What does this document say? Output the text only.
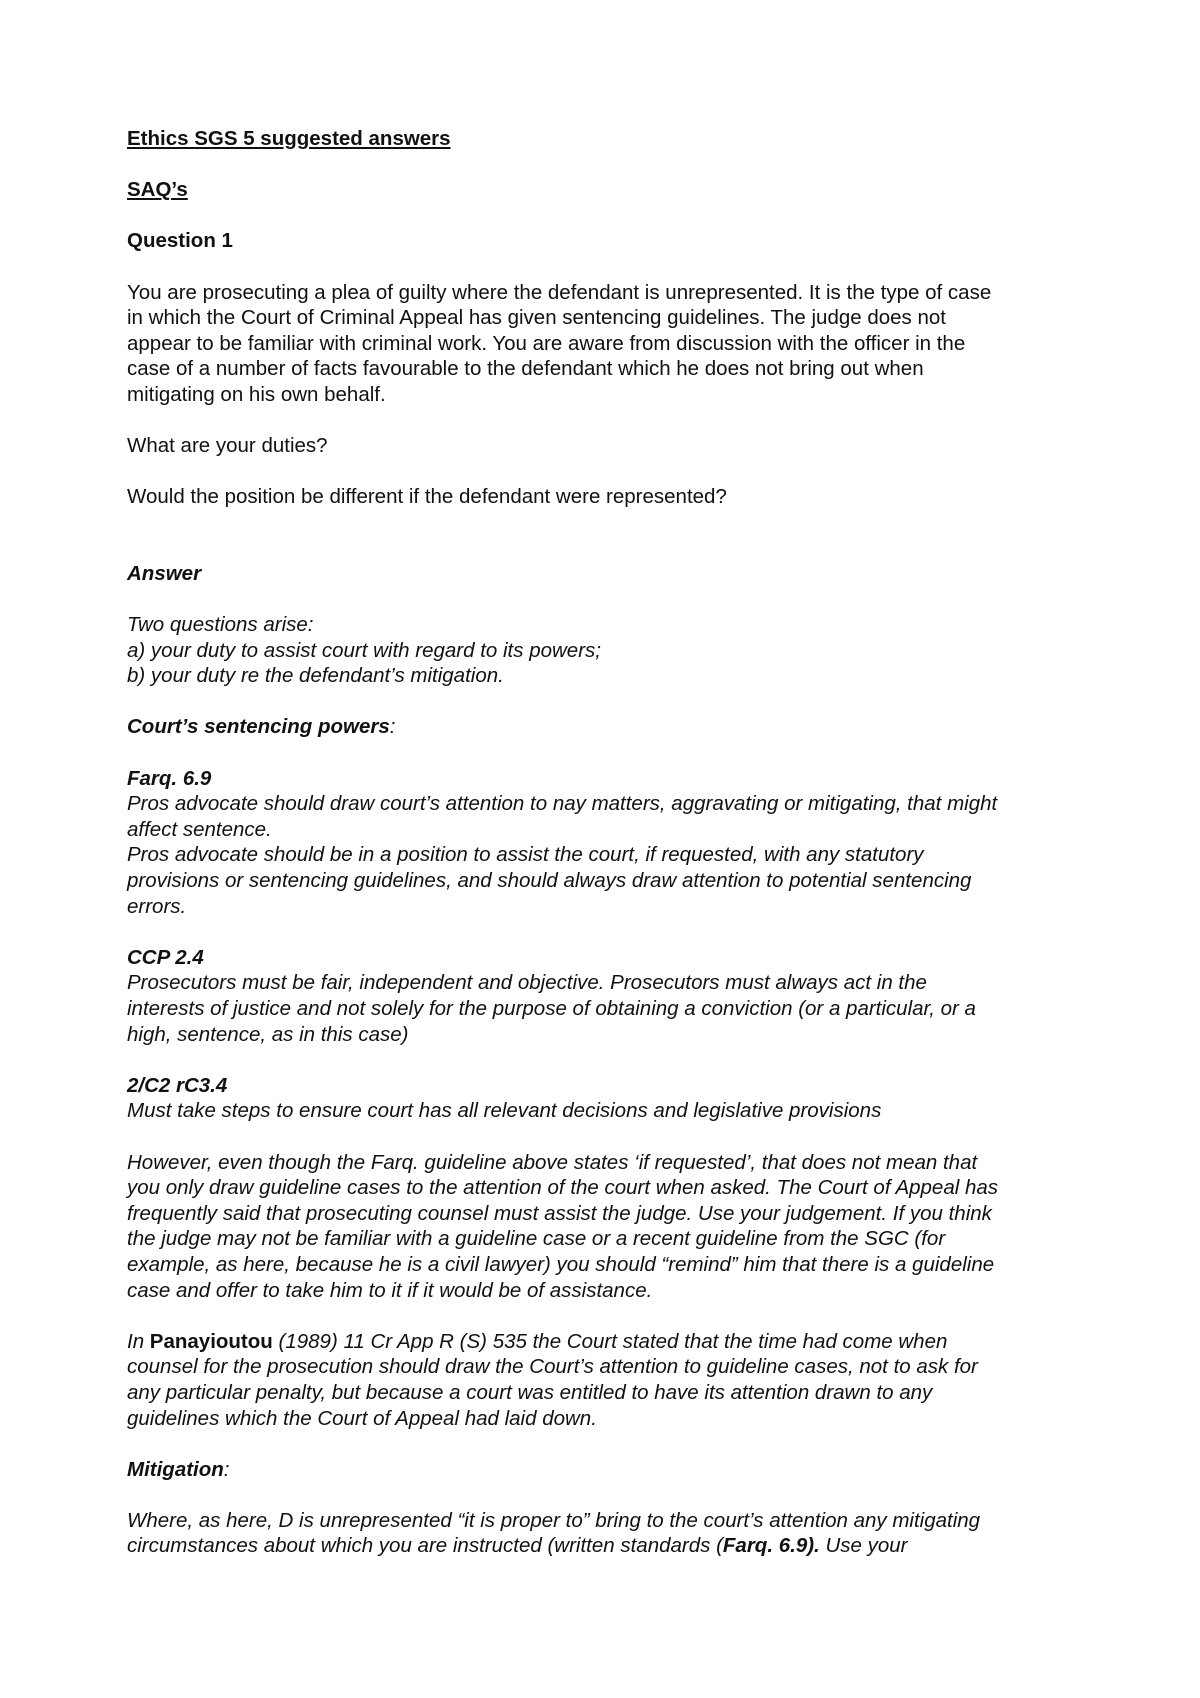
Ethics SGS 5 suggested answers

SAQ’s

Question 1

You are prosecuting a plea of guilty where the defendant is unrepresented. It is the type of case

in which the Court of Criminal Appeal has given sentencing guidelines. The judge does not

appear to be familiar with criminal work. You are aware from discussion with the officer in the

case of a number of facts favourable to the defendant which he does not bring out when

mitigating on his own behalf.

What are your duties?

Would the position be different if the defendant were represented?

Answer

Two questions arise:

a) your duty to assist court with regard to its powers;

b) your duty re the defendant’s mitigation.

Court’s sentencing powers:

Farq. 6.9

Pros advocate should draw court’s attention to nay matters, aggravating or mitigating, that might

affect sentence.

Pros advocate should be in a position to assist the court, if requested, with any statutory

provisions or sentencing guidelines, and should always draw attention to potential sentencing

errors.

CCP 2.4

Prosecutors must be fair, independent and objective. Prosecutors must always act in the

interests of justice and not solely for the purpose of obtaining a conviction (or a particular, or a

high, sentence, as in this case)

2/C2 rC3.4

Must take steps to ensure court has all relevant decisions and legislative provisions

However, even though the Farq. guideline above states ‘if requested’, that does not mean that

you only draw guideline cases to the attention of the court when asked. The Court of Appeal has

frequently said that prosecuting counsel must assist the judge. Use your judgement. If you think

the judge may not be familiar with a guideline case or a recent guideline from the SGC (for

example, as here, because he is a civil lawyer) you should “remind” him that there is a guideline

case and offer to take him to it if it would be of assistance.

In Panayioutou (1989) 11 Cr App R (S) 535 the Court stated that the time had come when

counsel for the prosecution should draw the Court’s attention to guideline cases, not to ask for

any particular penalty, but because a court was entitled to have its attention drawn to any

guidelines which the Court of Appeal had laid down.

Mitigation:

Where, as here, D is unrepresented “it is proper to” bring to the court’s attention any mitigating

circumstances about which you are instructed (written standards (Farq. 6.9). Use your
